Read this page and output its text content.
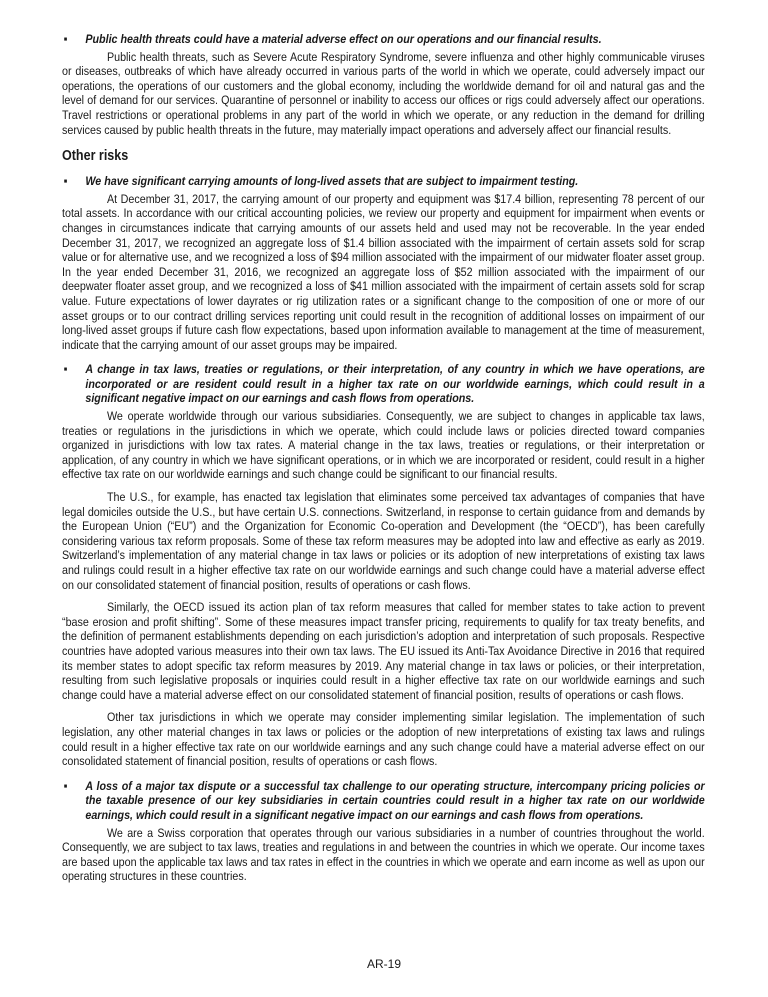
▪ Public health threats could have a material adverse effect on our operations and our financial results.

Public health threats, such as Severe Acute Respiratory Syndrome, severe influenza and other highly communicable viruses or diseases, outbreaks of which have already occurred in various parts of the world in which we operate, could adversely impact our operations, the operations of our customers and the global economy, including the worldwide demand for oil and natural gas and the level of demand for our services. Quarantine of personnel or inability to access our offices or rigs could adversely affect our operations. Travel restrictions or operational problems in any part of the world in which we operate, or any reduction in the demand for drilling services caused by public health threats in the future, may materially impact operations and adversely affect our financial results.

Other risks
▪ We have significant carrying amounts of long-lived assets that are subject to impairment testing.

At December 31, 2017, the carrying amount of our property and equipment was $17.4 billion, representing 78 percent of our total assets. In accordance with our critical accounting policies, we review our property and equipment for impairment when events or changes in circumstances indicate that carrying amounts of our assets held and used may not be recoverable. In the year ended December 31, 2017, we recognized an aggregate loss of $1.4 billion associated with the impairment of certain assets sold for scrap value or for alternative use, and we recognized a loss of $94 million associated with the impairment of our midwater floater asset group. In the year ended December 31, 2016, we recognized an aggregate loss of $52 million associated with the impairment of our deepwater floater asset group, and we recognized a loss of $41 million associated with the impairment of certain assets sold for scrap value. Future expectations of lower dayrates or rig utilization rates or a significant change to the composition of one or more of our asset groups or to our contract drilling services reporting unit could result in the recognition of additional losses on impairment of our long-lived asset groups if future cash flow expectations, based upon information available to management at the time of measurement, indicate that the carrying amount of our asset groups may be impaired.

▪ A change in tax laws, treaties or regulations, or their interpretation, of any country in which we have operations, are incorporated or are resident could result in a higher tax rate on our worldwide earnings, which could result in a significant negative impact on our earnings and cash flows from operations.

We operate worldwide through our various subsidiaries. Consequently, we are subject to changes in applicable tax laws, treaties or regulations in the jurisdictions in which we operate, which could include laws or policies directed toward companies organized in jurisdictions with low tax rates. A material change in the tax laws, treaties or regulations, or their interpretation or application, of any country in which we have significant operations, or in which we are incorporated or resident, could result in a higher effective tax rate on our worldwide earnings and such change could be significant to our financial results.

The U.S., for example, has enacted tax legislation that eliminates some perceived tax advantages of companies that have legal domiciles outside the U.S., but have certain U.S. connections. Switzerland, in response to certain guidance from and demands by the European Union (“EU”) and the Organization for Economic Co-operation and Development (the “OECD”), has been carefully considering various tax reform proposals. Some of these tax reform measures may be adopted into law and effective as early as 2019. Switzerland’s implementation of any material change in tax laws or policies or its adoption of new interpretations of existing tax laws and rulings could result in a higher effective tax rate on our worldwide earnings and such change could have a material adverse effect on our consolidated statement of financial position, results of operations or cash flows.

Similarly, the OECD issued its action plan of tax reform measures that called for member states to take action to prevent “base erosion and profit shifting”. Some of these measures impact transfer pricing, requirements to qualify for tax treaty benefits, and the definition of permanent establishments depending on each jurisdiction’s adoption and interpretation of such proposals. Respective countries have adopted various measures into their own tax laws. The EU issued its Anti-Tax Avoidance Directive in 2016 that required its member states to adopt specific tax reform measures by 2019. Any material change in tax laws or policies, or their interpretation, resulting from such legislative proposals or inquiries could result in a higher effective tax rate on our worldwide earnings and such change could have a material adverse effect on our consolidated statement of financial position, results of operations or cash flows.

Other tax jurisdictions in which we operate may consider implementing similar legislation. The implementation of such legislation, any other material changes in tax laws or policies or the adoption of new interpretations of existing tax laws and rulings could result in a higher effective tax rate on our worldwide earnings and any such change could have a material adverse effect on our consolidated statement of financial position, results of operations or cash flows.

▪ A loss of a major tax dispute or a successful tax challenge to our operating structure, intercompany pricing policies or the taxable presence of our key subsidiaries in certain countries could result in a higher tax rate on our worldwide earnings, which could result in a significant negative impact on our earnings and cash flows from operations.

We are a Swiss corporation that operates through our various subsidiaries in a number of countries throughout the world. Consequently, we are subject to tax laws, treaties and regulations in and between the countries in which we operate. Our income taxes are based upon the applicable tax laws and tax rates in effect in the countries in which we operate and earn income as well as upon our operating structures in these countries.

AR-19
